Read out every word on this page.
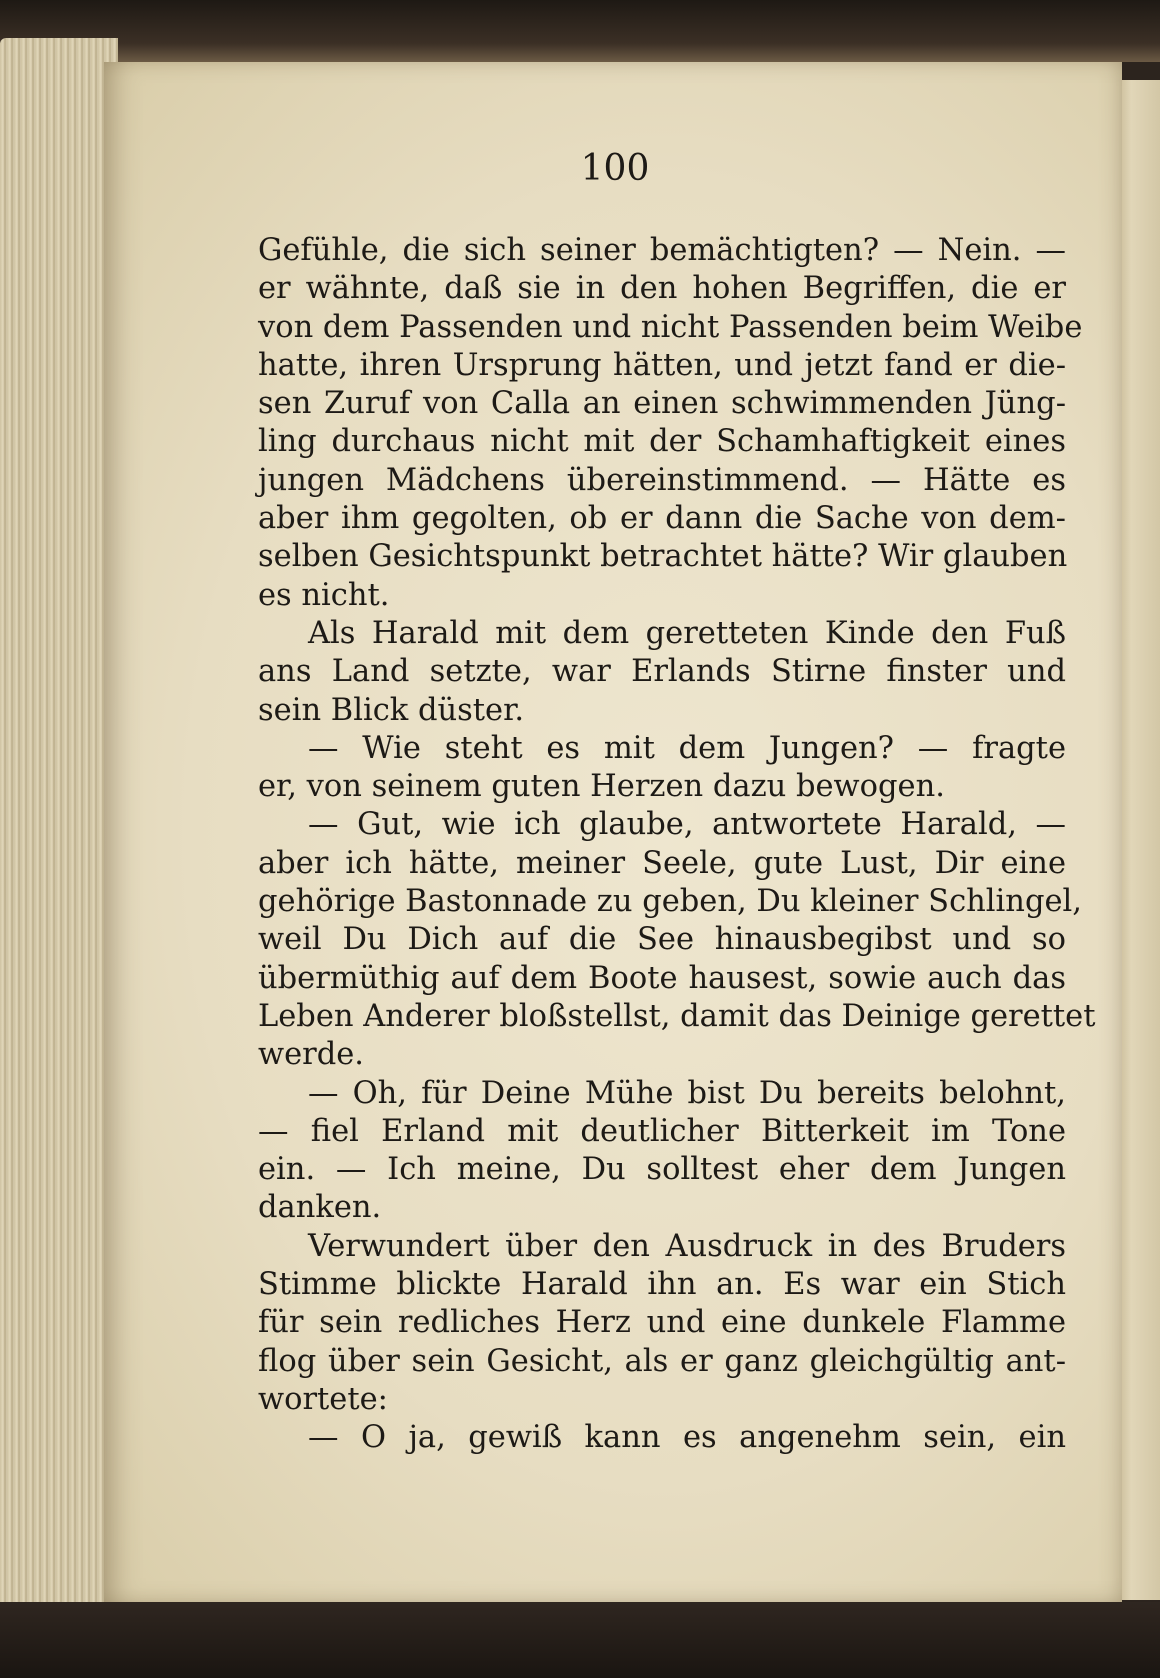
100
Gefühle, die sich seiner bemächtigten? — Nein. —
er wähnte, daß sie in den hohen Begriffen, die er
von dem Passenden und nicht Passenden beim Weibe
hatte, ihren Ursprung hätten, und jetzt fand er die-
sen Zuruf von Calla an einen schwimmenden Jüng-
ling durchaus nicht mit der Schamhaftigkeit eines
jungen Mädchens übereinstimmend. — Hätte es
aber ihm gegolten, ob er dann die Sache von dem-
selben Gesichtspunkt betrachtet hätte? Wir glauben
es nicht.
Als Harald mit dem geretteten Kinde den Fuß
ans Land setzte, war Erlands Stirne finster und
sein Blick düster.
— Wie steht es mit dem Jungen? — fragte
er, von seinem guten Herzen dazu bewogen.
— Gut, wie ich glaube, antwortete Harald, —
aber ich hätte, meiner Seele, gute Lust, Dir eine
gehörige Bastonnade zu geben, Du kleiner Schlingel,
weil Du Dich auf die See hinausbegibst und so
übermüthig auf dem Boote hausest, sowie auch das
Leben Anderer bloßstellst, damit das Deinige gerettet
werde.
— Oh, für Deine Mühe bist Du bereits belohnt,
— fiel Erland mit deutlicher Bitterkeit im Tone
ein. — Ich meine, Du solltest eher dem Jungen
danken.
Verwundert über den Ausdruck in des Bruders
Stimme blickte Harald ihn an. Es war ein Stich
für sein redliches Herz und eine dunkele Flamme
flog über sein Gesicht, als er ganz gleichgültig ant-
wortete:
— O ja, gewiß kann es angenehm sein, ein
